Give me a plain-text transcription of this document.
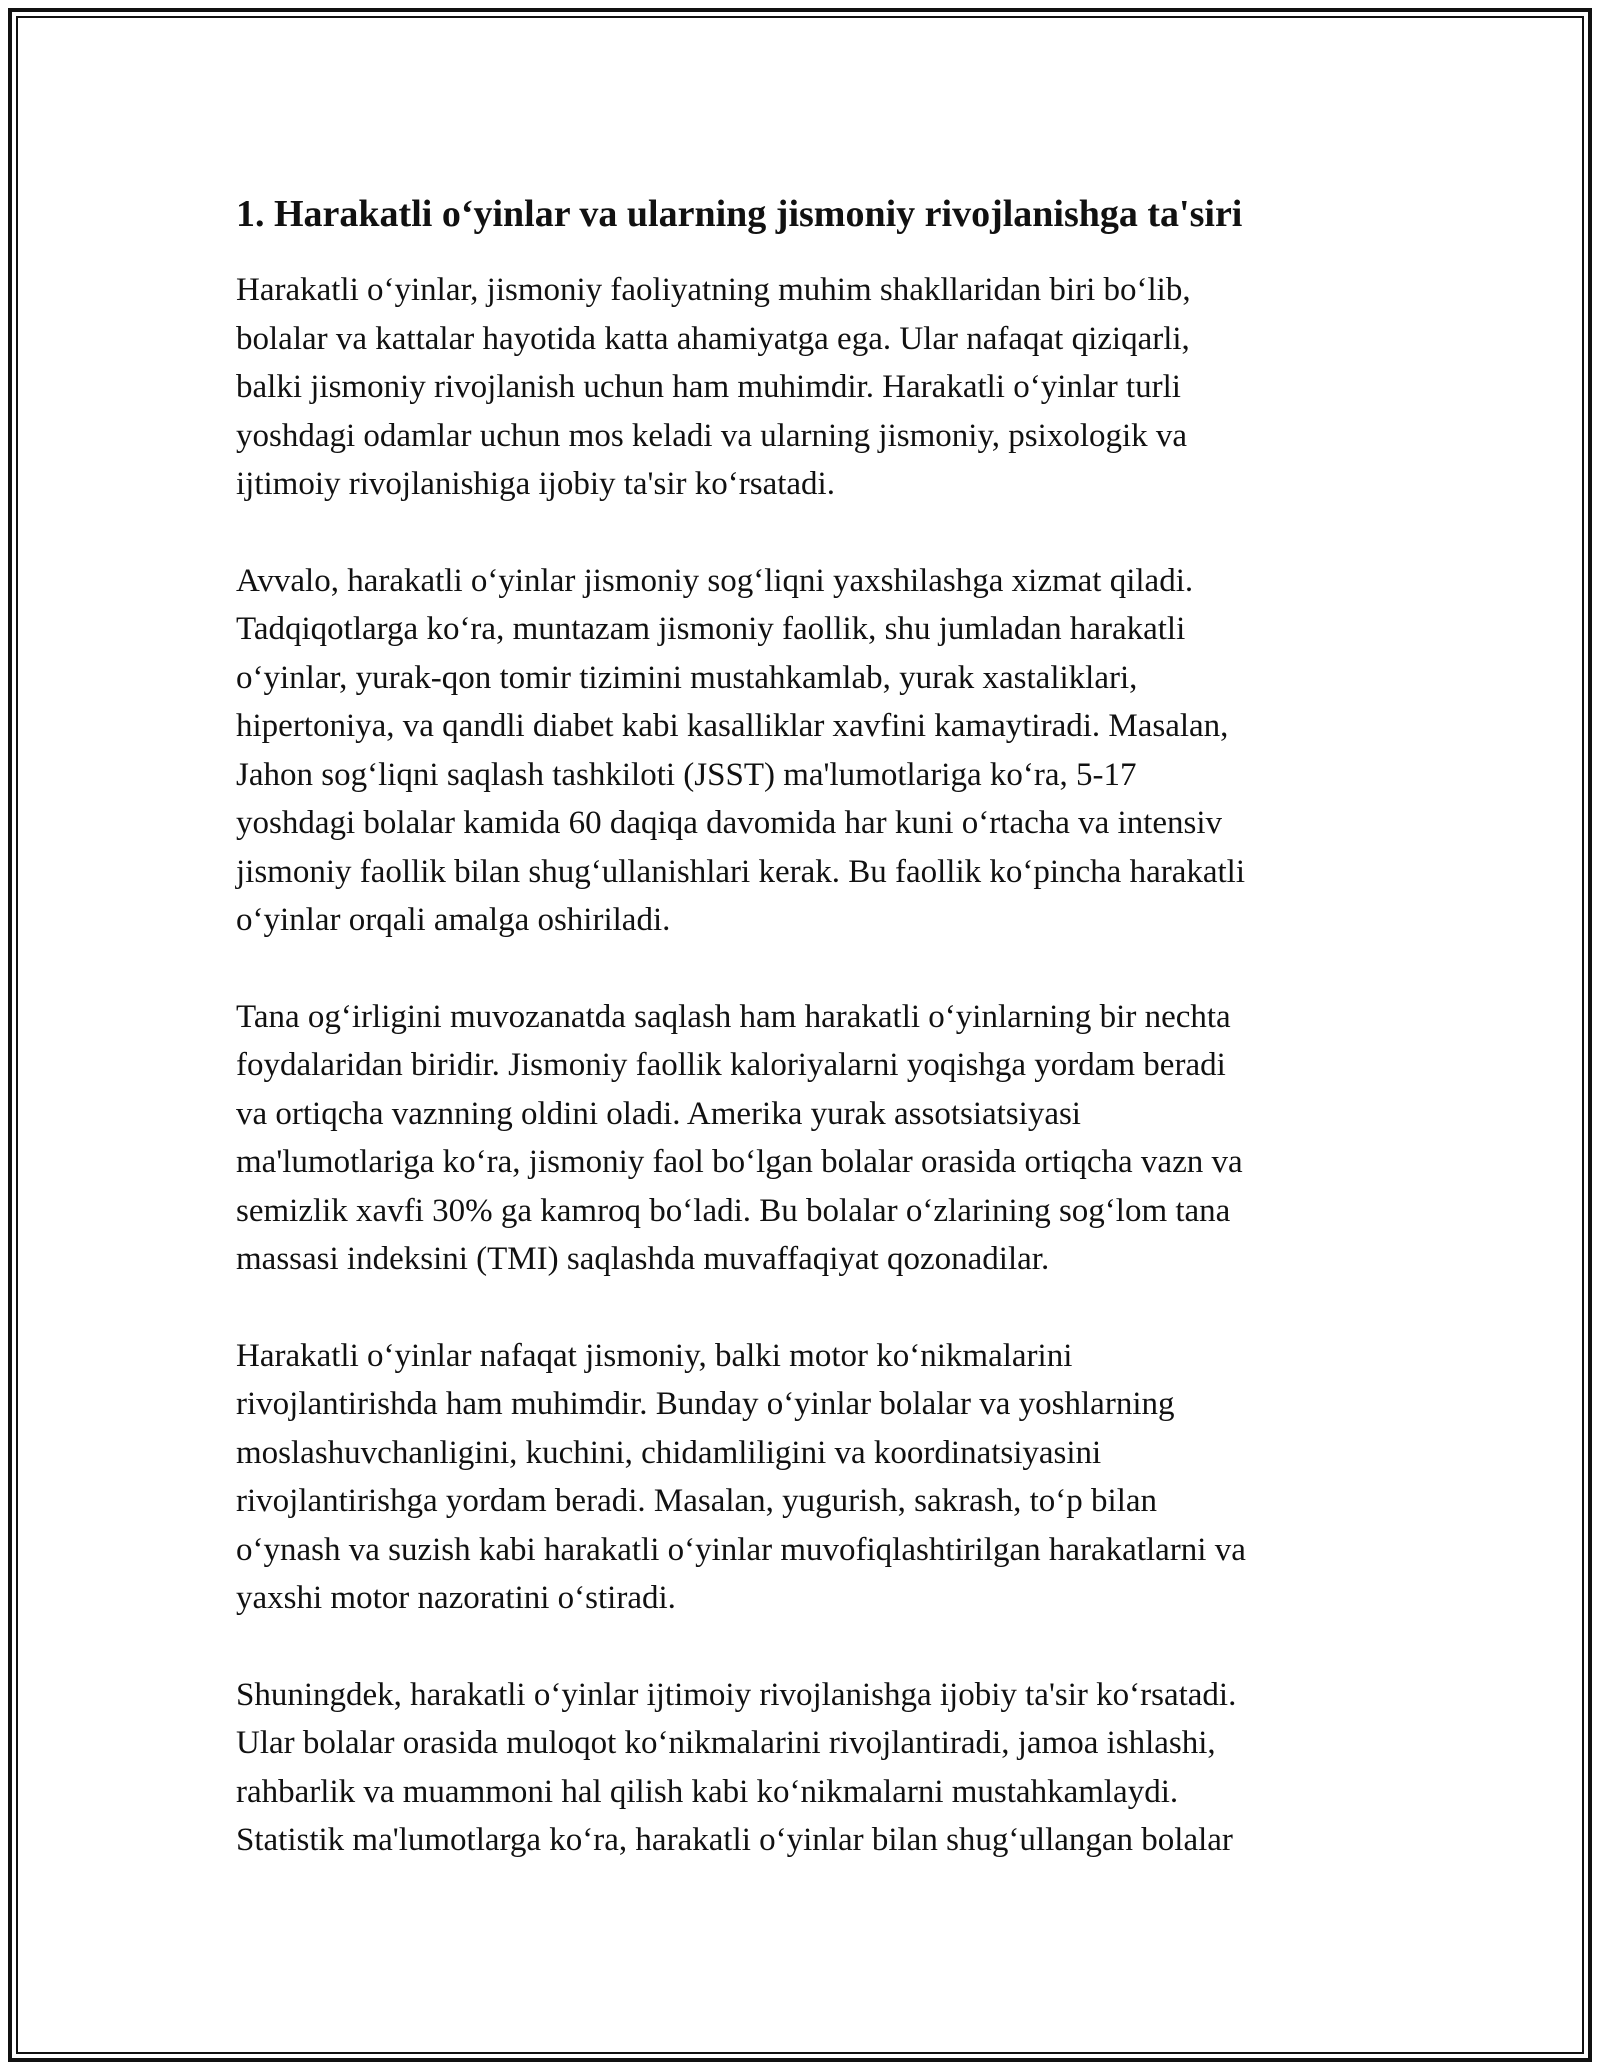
1. Harakatli o‘yinlar va ularning jismoniy rivojlanishga ta'siri

Harakatli o‘yinlar, jismoniy faoliyatning muhim shakllaridan biri bo‘lib,
bolalar va kattalar hayotida katta ahamiyatga ega. Ular nafaqat qiziqarli,
balki jismoniy rivojlanish uchun ham muhimdir. Harakatli o‘yinlar turli
yoshdagi odamlar uchun mos keladi va ularning jismoniy, psixologik va
ijtimoiy rivojlanishiga ijobiy ta'sir ko‘rsatadi.

Avvalo, harakatli o‘yinlar jismoniy sog‘liqni yaxshilashga xizmat qiladi.
Tadqiqotlarga ko‘ra, muntazam jismoniy faollik, shu jumladan harakatli
o‘yinlar, yurak-qon tomir tizimini mustahkamlab, yurak xastaliklari,
hipertoniya, va qandli diabet kabi kasalliklar xavfini kamaytiradi. Masalan,
Jahon sog‘liqni saqlash tashkiloti (JSST) ma'lumotlariga ko‘ra, 5-17
yoshdagi bolalar kamida 60 daqiqa davomida har kuni o‘rtacha va intensiv
jismoniy faollik bilan shug‘ullanishlari kerak. Bu faollik ko‘pincha harakatli
o‘yinlar orqali amalga oshiriladi.

Tana og‘irligini muvozanatda saqlash ham harakatli o‘yinlarning bir nechta
foydalaridan biridir. Jismoniy faollik kaloriyalarni yoqishga yordam beradi
va ortiqcha vaznning oldini oladi. Amerika yurak assotsiatsiyasi
ma'lumotlariga ko‘ra, jismoniy faol bo‘lgan bolalar orasida ortiqcha vazn va
semizlik xavfi 30% ga kamroq bo‘ladi. Bu bolalar o‘zlarining sog‘lom tana
massasi indeksini (TMI) saqlashda muvaffaqiyat qozonadilar.

Harakatli o‘yinlar nafaqat jismoniy, balki motor ko‘nikmalarini
rivojlantirishda ham muhimdir. Bunday o‘yinlar bolalar va yoshlarning
moslashuvchanligini, kuchini, chidamliligini va koordinatsiyasini
rivojlantirishga yordam beradi. Masalan, yugurish, sakrash, to‘p bilan
o‘ynash va suzish kabi harakatli o‘yinlar muvofiqlashtirilgan harakatlarni va
yaxshi motor nazoratini o‘stiradi.

Shuningdek, harakatli o‘yinlar ijtimoiy rivojlanishga ijobiy ta'sir ko‘rsatadi.
Ular bolalar orasida muloqot ko‘nikmalarini rivojlantiradi, jamoa ishlashi,
rahbarlik va muammoni hal qilish kabi ko‘nikmalarni mustahkamlaydi.
Statistik ma'lumotlarga ko‘ra, harakatli o‘yinlar bilan shug‘ullangan bolalar
